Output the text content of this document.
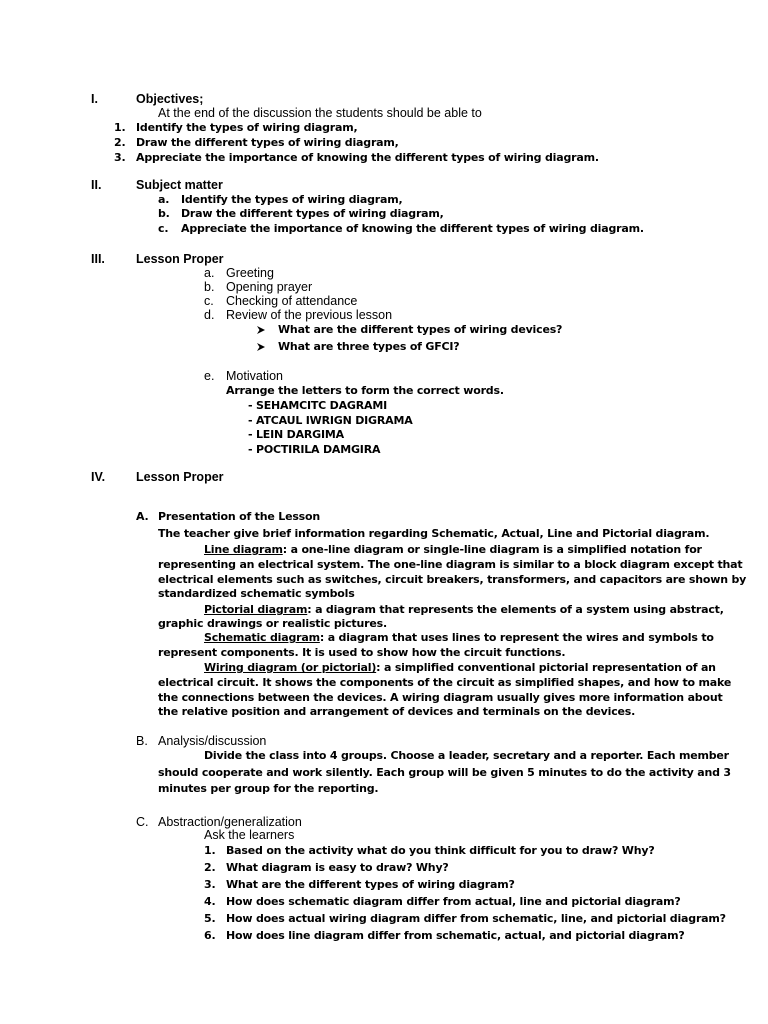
I.	Objectives;
At the end of the discussion the students should be able to
1. Identify the types of wiring diagram,
2. Draw the different types of wiring diagram,
3. Appreciate the importance of knowing the different types of wiring diagram.
II.	Subject matter
a. Identify the types of wiring diagram,
b. Draw the different types of wiring diagram,
c. Appreciate the importance of knowing the different types of wiring diagram.
III. Lesson Proper
a. Greeting
b. Opening prayer
c. Checking of attendance
d. Review of the previous lesson
What are the different types of wiring devices?
What are three types of GFCI?
e. Motivation
Arrange the letters to form the correct words.
- SEHAMCITC DAGRAMI
- ATCAUL IWRIGN DIGRAMA
- LEIN DARGIMA
- POCTIRILA DAMGIRA
IV. Lesson Proper
A. Presentation of the Lesson
The teacher give brief information regarding Schematic, Actual, Line and Pictorial diagram.
Line diagram: a one-line diagram or single-line diagram is a simplified notation for
representing an electrical system. The one-line diagram is similar to a block diagram except that
electrical elements such as switches, circuit breakers, transformers, and capacitors are shown by
standardized schematic symbols
Pictorial diagram: a diagram that represents the elements of a system using abstract,
graphic drawings or realistic pictures.
Schematic diagram: a diagram that uses lines to represent the wires and symbols to
represent components. It is used to show how the circuit functions.
Wiring diagram (or pictorial): a simplified conventional pictorial representation of an
electrical circuit. It shows the components of the circuit as simplified shapes, and how to make
the connections between the devices. A wiring diagram usually gives more information about
the relative position and arrangement of devices and terminals on the devices.
B. Analysis/discussion
Divide the class into 4 groups. Choose a leader, secretary and a reporter. Each member
should cooperate and work silently. Each group will be given 5 minutes to do the activity and 3
minutes per group for the reporting.
C. Abstraction/generalization
Ask the learners
1. Based on the activity what do you think difficult for you to draw? Why?
2. What diagram is easy to draw? Why?
3. What are the different types of wiring diagram?
4. How does schematic diagram differ from actual, line and pictorial diagram?
5. How does actual wiring diagram differ from schematic, line, and pictorial diagram?
6. How does line diagram differ from schematic, actual, and pictorial diagram?
